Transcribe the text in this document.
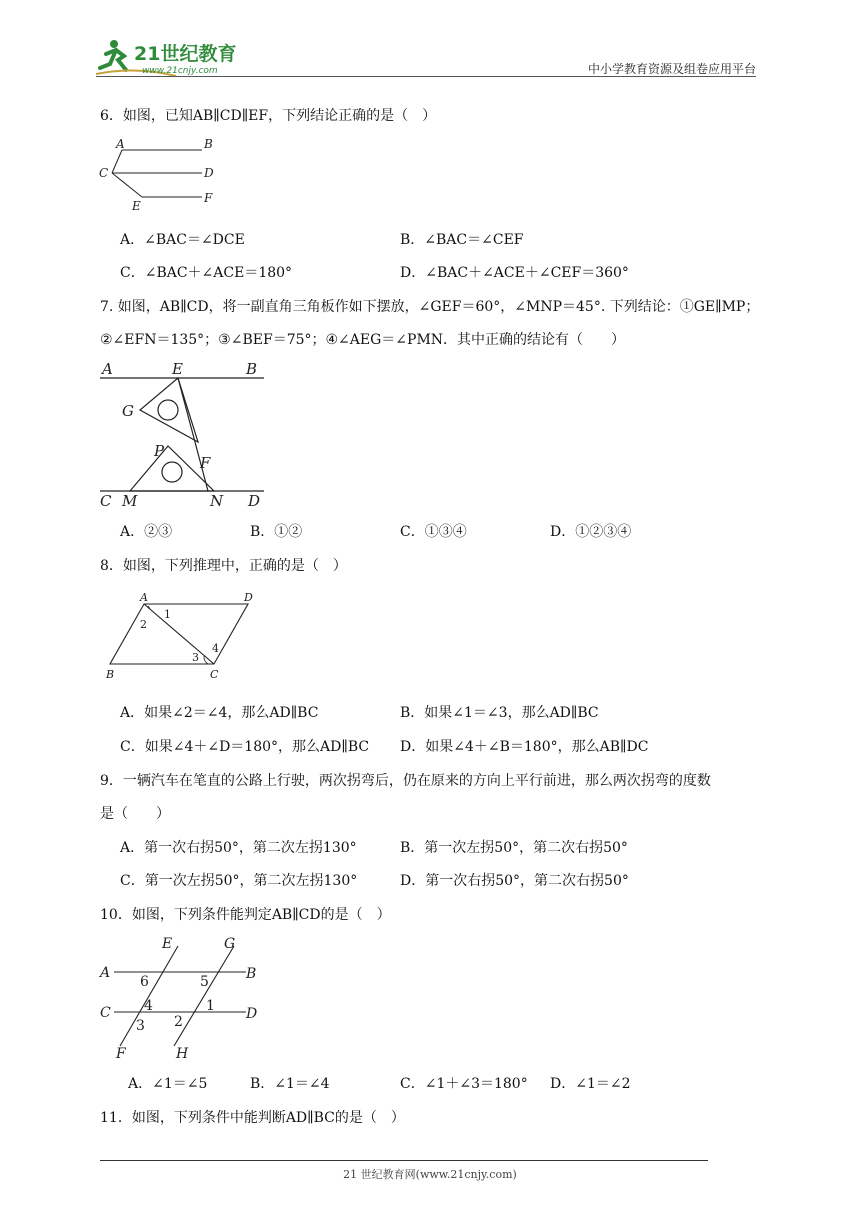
21世纪教育
www.21cnjy.com	中小学教育资源及组卷应用平台
6．如图，已知AB∥CD∥EF，下列结论正确的是（　）
A	B
C	D
E
F
A．∠BAC＝∠DCE	B．∠BAC＝∠CEF
C．∠BAC＋∠ACE＝180°	D．∠BAC＋∠ACE＋∠CEF＝360°
7. 如图，AB∥CD，将一副直角三角板作如下摆放，∠GEF＝60°，∠MNP＝45°. 下列结论：①GE∥MP；
②∠EFN＝135°；③∠BEF＝75°；④∠AEG＝∠PMN．其中正确的结论有（　　）
A	E	B
G
P
F
C M	N D
A．②③	B．①②	C．①③④	D．①②③④
8．如图，下列推理中，正确的是（　）
A	D
1
2
4
3
B	C
A．如果∠2＝∠4，那么AD∥BC	B．如果∠1＝∠3，那么AD∥BC
C．如果∠4＋∠D＝180°，那么AD∥BC D．如果∠4＋∠B＝180°，那么AB∥DC
9．一辆汽车在笔直的公路上行驶，两次拐弯后，仍在原来的方向上平行前进，那么两次拐弯的度数
是（　　）
A．第一次右拐50°，第二次左拐130°	B．第一次左拐50°，第二次右拐50°
C．第一次左拐50°，第二次左拐130°	D．第一次右拐50°，第二次右拐50°
10．如图，下列条件能判定AB∥CD的是（　）
E	G
A
6	5	B
C 4	1 D
3 2
F	H
A．∠1＝∠5	B．∠1＝∠4	C．∠1＋∠3＝180° D．∠1＝∠2
11．如图，下列条件中能判断AD∥BC的是（　）
21 世纪教育网(www.21cnjy.com)
